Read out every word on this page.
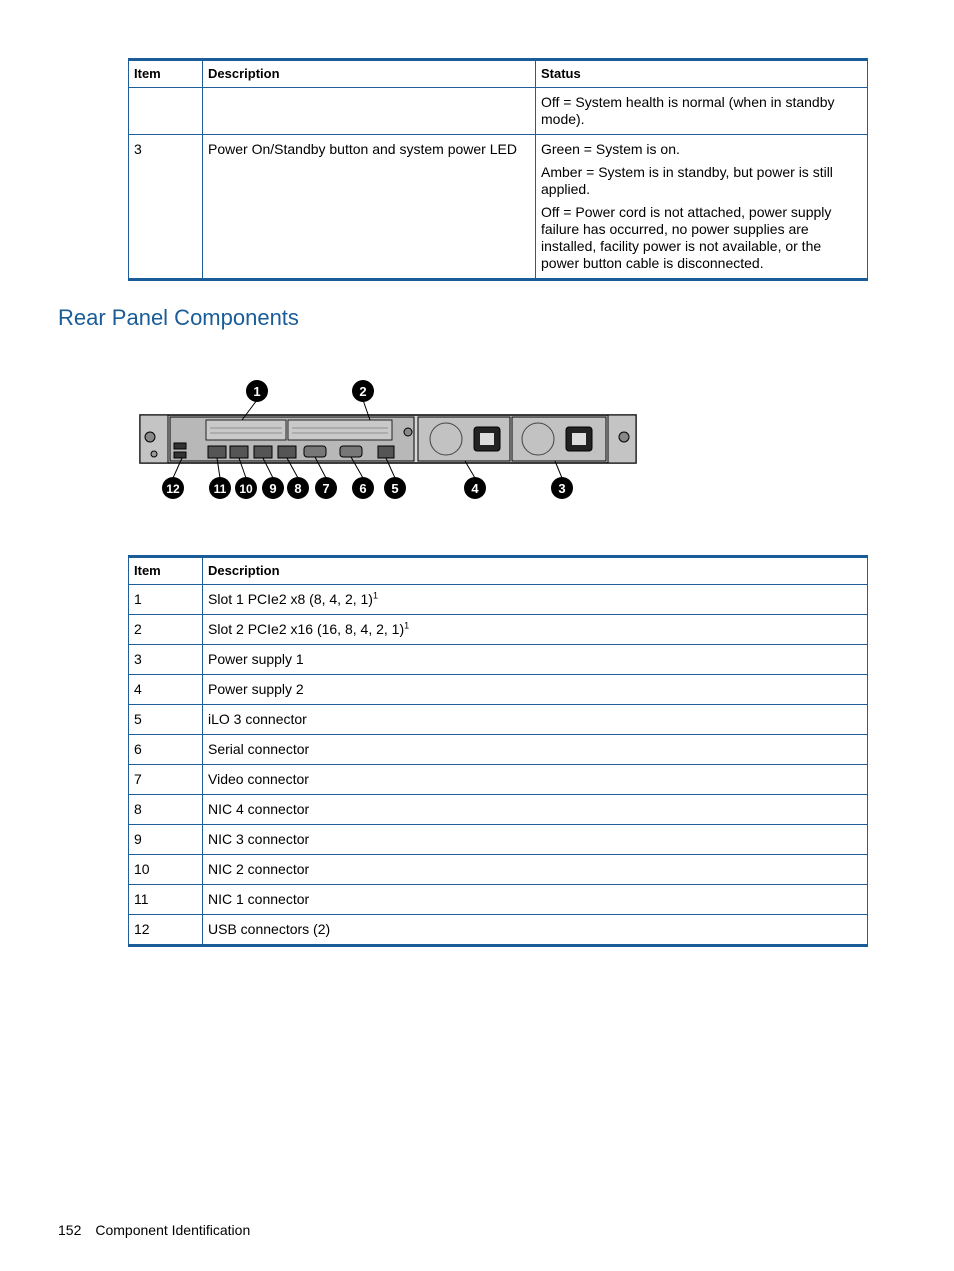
Item	Description	Status

		Off = System health is normal (when in standby mode).

3	Power On/Standby button and system power LED	Green = System is on.

Amber = System is in standby, but power is still applied.

Off = Power cord is not attached, power supply failure has occurred, no power supplies are installed, facility power is not available, or the power button cable is disconnected.

Rear Panel Components
1	2
12	11 10 9 8 7 6 5	4	3
Item	Description
1	Slot 1 PCIe2 x8 (8, 4, 2, 1)$^1$
2	Slot 2 PCIe2 x16 (16, 8, 4, 2, 1)$^1$
3	Power supply 1
4	Power supply 2
5	iLO 3 connector
6	Serial connector
7	Video connector
8	NIC 4 connector
9	NIC 3 connector
10	NIC 2 connector
11	NIC 1 connector
12	USB connectors (2)
152 Component Identification
